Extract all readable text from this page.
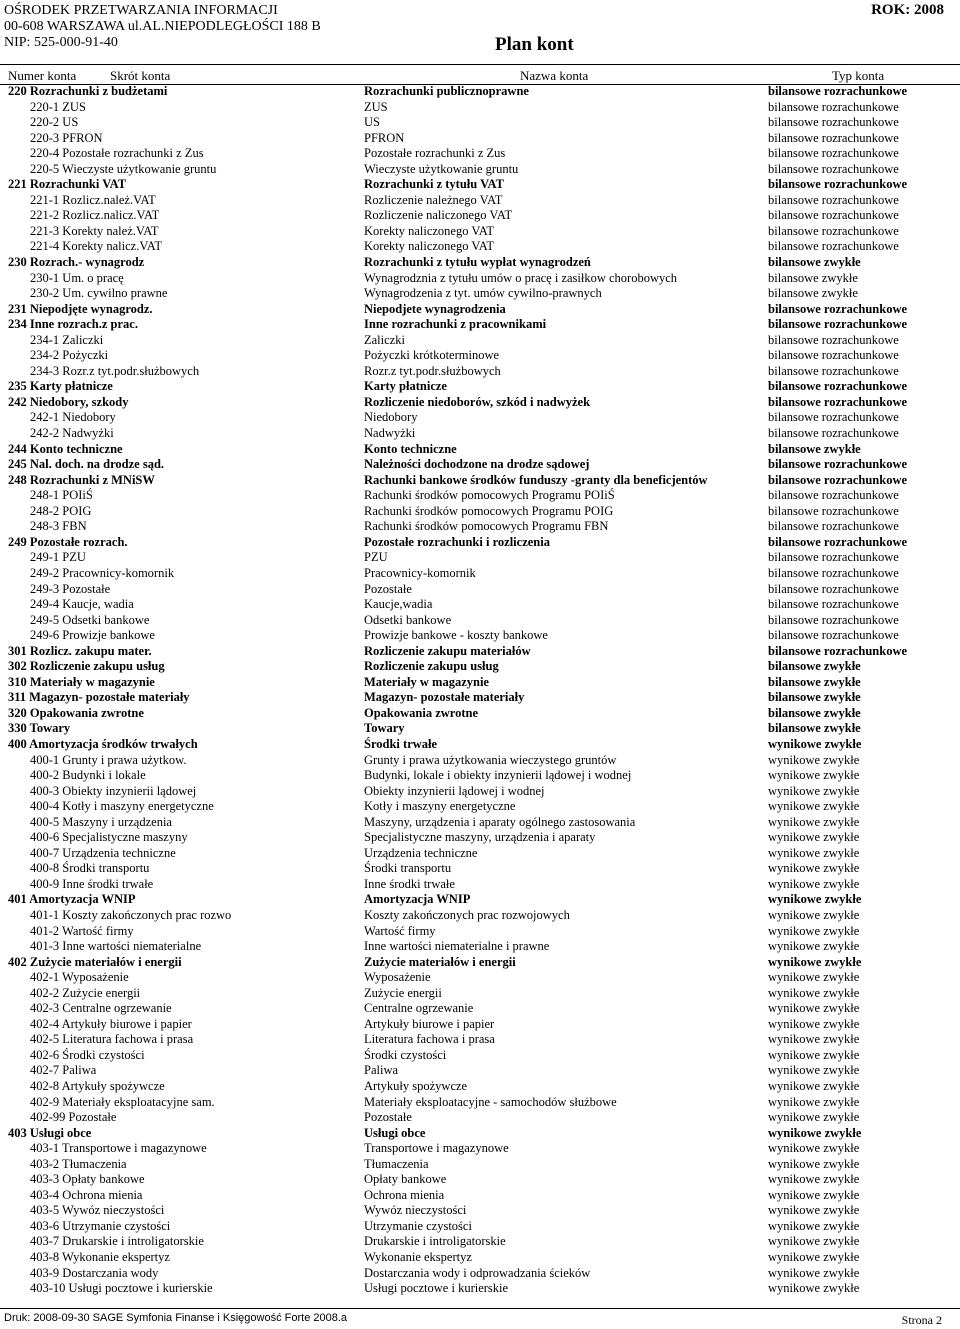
OŚRODEK PRZETWARZANIA INFORMACJI
00-608 WARSZAWA ul.AL.NIEPODLEGŁOŚCI 188 B
NIP: 525-000-91-40
ROK: 2008
Plan kont
Numer konta	Skrót konta	Nazwa konta	Typ konta
220 Rozrachunki z budżetami	Rozrachunki publicznoprawne	bilansowe rozrachunkowe
220-1 ZUS	ZUS	bilansowe rozrachunkowe
220-2 US	US	bilansowe rozrachunkowe
220-3 PFRON	PFRON	bilansowe rozrachunkowe
220-4 Pozostałe rozrachunki z Zus	Pozostałe rozrachunki z Zus	bilansowe rozrachunkowe
220-5 Wieczyste użytkowanie gruntu	Wieczyste użytkowanie gruntu	bilansowe rozrachunkowe
221 Rozrachunki VAT	Rozrachunki z tytułu VAT	bilansowe rozrachunkowe
221-1 Rozlicz.należ.VAT	Rozliczenie należnego VAT	bilansowe rozrachunkowe
221-2 Rozlicz.nalicz.VAT	Rozliczenie naliczonego VAT	bilansowe rozrachunkowe
221-3 Korekty należ.VAT	Korekty naliczonego VAT	bilansowe rozrachunkowe
221-4 Korekty nalicz.VAT	Korekty naliczonego VAT	bilansowe rozrachunkowe
230 Rozrach.- wynagrodz	Rozrachunki z tytułu wypłat wynagrodzeń	bilansowe zwykłe
230-1 Um. o pracę	Wynagrodznia z tytułu umów o pracę i zasiłkow chorobowych	bilansowe zwykłe
230-2 Um. cywilno prawne	Wynagrodzenia z tyt. umów cywilno-prawnych	bilansowe zwykłe
231 Niepodjęte wynagrodz.	Niepodjete wynagrodzenia	bilansowe rozrachunkowe
234 Inne rozrach.z prac.	Inne rozrachunki z pracownikami	bilansowe rozrachunkowe
234-1 Zaliczki	Zaliczki	bilansowe rozrachunkowe
234-2 Pożyczki	Pożyczki krótkoterminowe	bilansowe rozrachunkowe
234-3 Rozr.z tyt.podr.służbowych	Rozr.z tyt.podr.służbowych	bilansowe rozrachunkowe
235 Karty płatnicze	Karty płatnicze	bilansowe rozrachunkowe
242 Niedobory, szkody	Rozliczenie niedoborów, szkód i nadwyżek	bilansowe rozrachunkowe
242-1 Niedobory	Niedobory	bilansowe rozrachunkowe
242-2 Nadwyżki	Nadwyżki	bilansowe rozrachunkowe
244 Konto techniczne	Konto techniczne	bilansowe zwykłe
245 Nal. doch. na drodze sąd.	Należności dochodzone na drodze sądowej	bilansowe rozrachunkowe
248 Rozrachunki z MNiSW	Rachunki bankowe środków funduszy -granty dla beneficjentów	bilansowe rozrachunkowe
248-1 POIiŚ	Rachunki środków pomocowych Programu POIiŚ	bilansowe rozrachunkowe
248-2 POIG	Rachunki środków pomocowych Programu POIG	bilansowe rozrachunkowe
248-3 FBN	Rachunki środków pomocowych Programu FBN	bilansowe rozrachunkowe
249 Pozostałe rozrach.	Pozostałe rozrachunki i rozliczenia	bilansowe rozrachunkowe
249-1 PZU	PZU	bilansowe rozrachunkowe
249-2 Pracownicy-komornik	Pracownicy-komornik	bilansowe rozrachunkowe
249-3 Pozostałe	Pozostałe	bilansowe rozrachunkowe
249-4 Kaucje, wadia	Kaucje,wadia	bilansowe rozrachunkowe
249-5 Odsetki bankowe	Odsetki bankowe	bilansowe rozrachunkowe
249-6 Prowizje bankowe	Prowizje bankowe - koszty bankowe	bilansowe rozrachunkowe
301 Rozlicz. zakupu mater.	Rozliczenie zakupu materiałów	bilansowe rozrachunkowe
302 Rozliczenie zakupu usług	Rozliczenie zakupu usług	bilansowe zwykłe
310 Materiały w magazynie	Materiały w magazynie	bilansowe zwykłe
311 Magazyn- pozostałe materiały	Magazyn- pozostałe materiały	bilansowe zwykłe
320 Opakowania zwrotne	Opakowania zwrotne	bilansowe zwykłe
330 Towary	Towary	bilansowe zwykłe
400 Amortyzacja środków trwałych	Środki trwałe	wynikowe zwykłe
400-1 Grunty i prawa użytkow.	Grunty i prawa użytkowania wieczystego gruntów	wynikowe zwykłe
400-2 Budynki i lokale	Budynki, lokale i obiekty inzynierii lądowej i wodnej	wynikowe zwykłe
400-3 Obiekty inzynierii lądowej	Obiekty inzynierii lądowej i wodnej	wynikowe zwykłe
400-4 Kotły i maszyny energetyczne	Kotły i maszyny energetyczne	wynikowe zwykłe
400-5 Maszyny i urządzenia	Maszyny, urządzenia i aparaty ogólnego zastosowania	wynikowe zwykłe
400-6 Specjalistyczne maszyny	Specjalistyczne maszyny, urządzenia i aparaty	wynikowe zwykłe
400-7 Urządzenia techniczne	Urządzenia techniczne	wynikowe zwykłe
400-8 Środki transportu	Środki transportu	wynikowe zwykłe
400-9 Inne środki trwałe	Inne środki trwałe	wynikowe zwykłe
401 Amortyzacja WNIP	Amortyzacja WNIP	wynikowe zwykłe
401-1 Koszty zakończonych prac rozwo	Koszty zakończonych prac rozwojowych	wynikowe zwykłe
401-2 Wartość firmy	Wartość firmy	wynikowe zwykłe
401-3 Inne wartości niematerialne	Inne wartości niematerialne i prawne	wynikowe zwykłe
402 Zużycie materiałów i energii	Zużycie materiałów i energii	wynikowe zwykłe
402-1 Wyposażenie	Wyposażenie	wynikowe zwykłe
402-2 Zużycie energii	Zużycie energii	wynikowe zwykłe
402-3 Centralne ogrzewanie	Centralne ogrzewanie	wynikowe zwykłe
402-4 Artykuły biurowe i papier	Artykuły biurowe i papier	wynikowe zwykłe
402-5 Literatura fachowa i prasa	Literatura fachowa i prasa	wynikowe zwykłe
402-6 Środki czystości	Środki czystości	wynikowe zwykłe
402-7 Paliwa	Paliwa	wynikowe zwykłe
402-8 Artykuły spożywcze	Artykuły spożywcze	wynikowe zwykłe
402-9 Materiały eksploatacyjne sam.	Materiały eksploatacyjne - samochodów służbowe	wynikowe zwykłe
402-99 Pozostałe	Pozostałe	wynikowe zwykłe
403 Usługi obce	Usługi obce	wynikowe zwykłe
403-1 Transportowe i magazynowe	Transportowe i magazynowe	wynikowe zwykłe
403-2 Tłumaczenia	Tłumaczenia	wynikowe zwykłe
403-3 Opłaty bankowe	Opłaty bankowe	wynikowe zwykłe
403-4 Ochrona mienia	Ochrona mienia	wynikowe zwykłe
403-5 Wywóz nieczystości	Wywóz nieczystości	wynikowe zwykłe
403-6 Utrzymanie czystości	Utrzymanie czystości	wynikowe zwykłe
403-7 Drukarskie i introligatorskie	Drukarskie i introligatorskie	wynikowe zwykłe
403-8 Wykonanie ekspertyz	Wykonanie ekspertyz	wynikowe zwykłe
403-9 Dostarczania wody	Dostarczania wody i odprowadzania ścieków	wynikowe zwykłe
403-10 Usługi pocztowe i kurierskie	Usługi pocztowe i kurierskie	wynikowe zwykłe
Druk: 2008-09-30 SAGE Symfonia Finanse i Księgowość Forte 2008.a	Strona 2
